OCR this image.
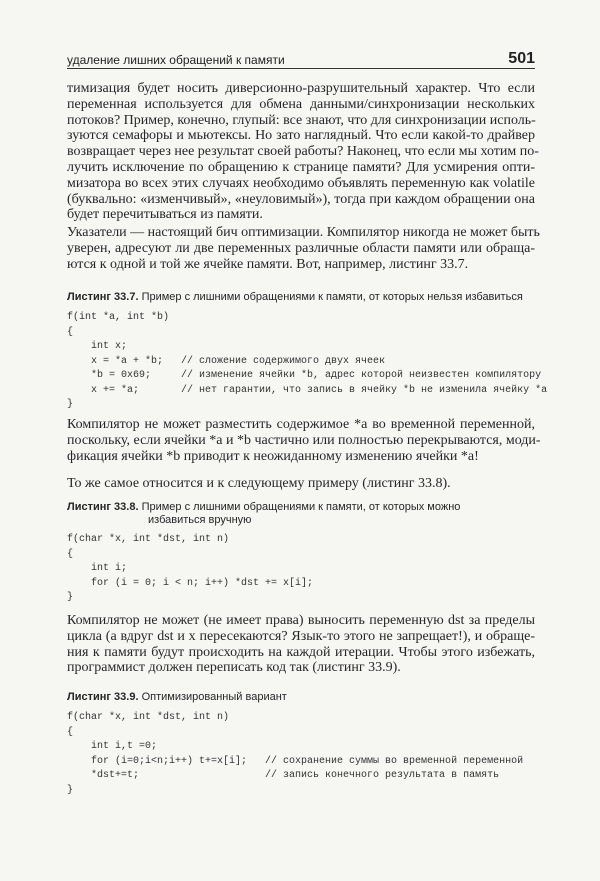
удаление лишних обращений к памяти	501
тимизация будет носить диверсионно-разрушительный характер. Что если
переменная используется для обмена данными/синхронизации нескольких
потоков? Пример, конечно, глупый: все знают, что для синхронизации исполь-
зуются семафоры и мьютексы. Но зато наглядный. Что если какой-то драйвер
возвращает через нее результат своей работы? Наконец, что если мы хотим по-
лучить исключение по обращению к странице памяти? Для усмирения опти-
мизатора во всех этих случаях необходимо объявлять переменную как volatile
(буквально: «изменчивый», «неуловимый»), тогда при каждом обращении она
будет перечитываться из памяти.
Указатели — настоящий бич оптимизации. Компилятор никогда не может быть
уверен, адресуют ли две переменных различные области памяти или обраща-
ются к одной и той же ячейке памяти. Вот, например, листинг 33.7.
Листинг 33.7. Пример с лишними обращениями к памяти, от которых нельзя избавиться
f(int *a, int *b)
{
int x;
x = *a + *b;   // сложение содержимого двух ячеек
*b = 0x69;     // изменение ячейки *b, адрес которой неизвестен компилятору
x += *a;       // нет гарантии, что запись в ячейку *b не изменила ячейку *a
}
Компилятор не может разместить содержимое *a во временной переменной,
поскольку, если ячейки *a и *b частично или полностью перекрываются, моди-
фикация ячейки *b приводит к неожиданному изменению ячейки *a!
То же самое относится и к следующему примеру (листинг 33.8).
Листинг 33.8. Пример с лишними обращениями к памяти, от которых можно
избавиться вручную
f(char *x, int *dst, int n)
{
int i;
for (i = 0; i < n; i++) *dst += x[i];
}
Компилятор не может (не имеет права) выносить переменную dst за пределы
цикла (а вдруг dst и x пересекаются? Язык-то этого не запрещает!), и обраще-
ния к памяти будут происходить на каждой итерации. Чтобы этого избежать,
программист должен переписать код так (листинг 33.9).
Листинг 33.9. Оптимизированный вариант
f(char *x, int *dst, int n)
{
int i,t =0;
for (i=0;i<n;i++) t+=x[i];   // сохранение суммы во временной переменной
*dst+=t;                     // запись конечного результата в память
}
